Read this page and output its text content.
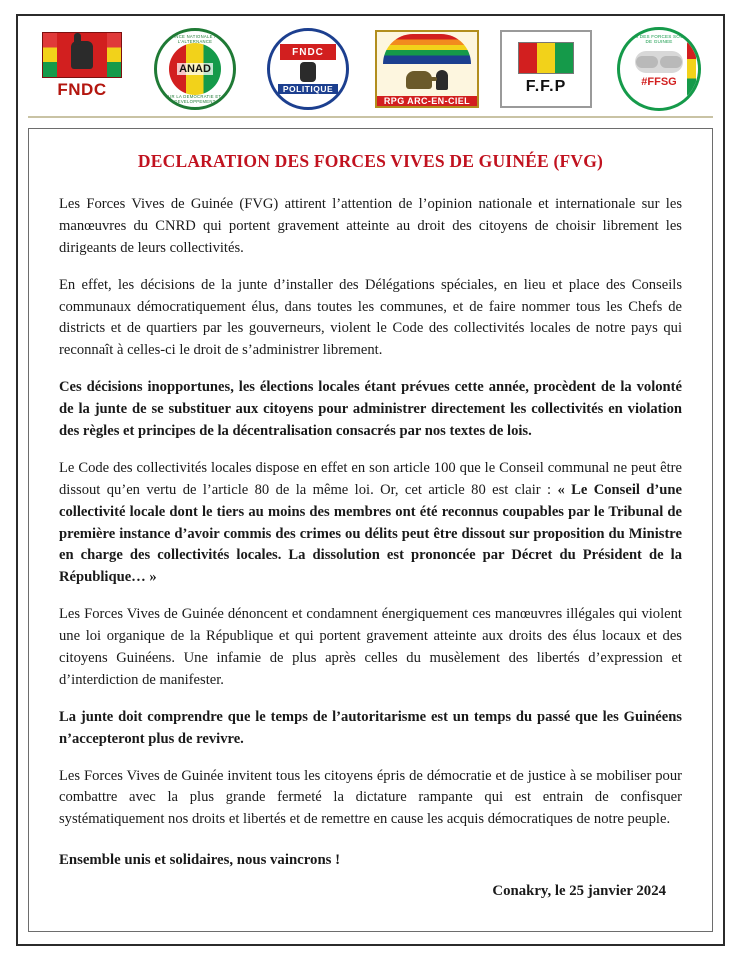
FNDC
ALLIANCE NATIONALE POUR L'ALTERNANCE
ANAD
POUR LA DEMOCRATIE ET LE DEVELOPPEMENT
FNDC
POLITIQUE
RPG ARC-EN-CIEL
F.F.P
FORUM DES FORCES SOCIALES DE GUINEE
#FFSG
DECLARATION DES FORCES VIVES DE GUINÉE (FVG)

Les Forces Vives de Guinée (FVG) attirent l’attention de l’opinion nationale et internationale sur les manœuvres du CNRD qui portent gravement atteinte au droit des citoyens de choisir librement les dirigeants de leurs collectivités.

En effet, les décisions de la junte d’installer des Délégations spéciales, en lieu et place des Conseils communaux démocratiquement élus, dans toutes les communes, et de faire nommer tous les Chefs de districts et de quartiers par les gouverneurs, violent le Code des collectivités locales de notre pays qui reconnaît à celles-ci le droit de s’administrer librement.

Ces décisions inopportunes, les élections locales étant prévues cette année, procèdent de la volonté de la junte de se substituer aux citoyens pour administrer directement les collectivités en violation des règles et principes de la décentralisation consacrés par nos textes de lois.

Le Code des collectivités locales dispose en effet en son article 100 que le Conseil communal ne peut être dissout qu’en vertu de l’article 80 de la même loi. Or, cet article 80 est clair : « Le Conseil d’une collectivité locale dont le tiers au moins des membres ont été reconnus coupables par le Tribunal de première instance d’avoir commis des crimes ou délits peut être dissout sur proposition du Ministre en charge des collectivités locales. La dissolution est prononcée par Décret du Président de la République… »

Les Forces Vives de Guinée dénoncent et condamnent énergiquement ces manœuvres illégales qui violent une loi organique de la République et qui portent gravement atteinte aux droits des élus locaux et des citoyens Guinéens. Une infamie de plus après celles du musèlement des libertés d’expression et d’interdiction de manifester.

La junte doit comprendre que le temps de l’autoritarisme est un temps du passé que les Guinéens n’accepteront plus de revivre.

Les Forces Vives de Guinée invitent tous les citoyens épris de démocratie et de justice à se mobiliser pour combattre avec la plus grande fermeté la dictature rampante qui est entrain de confisquer systématiquement nos droits et libertés et de remettre en cause les acquis démocratiques de notre peuple.

Ensemble unis et solidaires, nous vaincrons !

Conakry, le 25 janvier 2024
